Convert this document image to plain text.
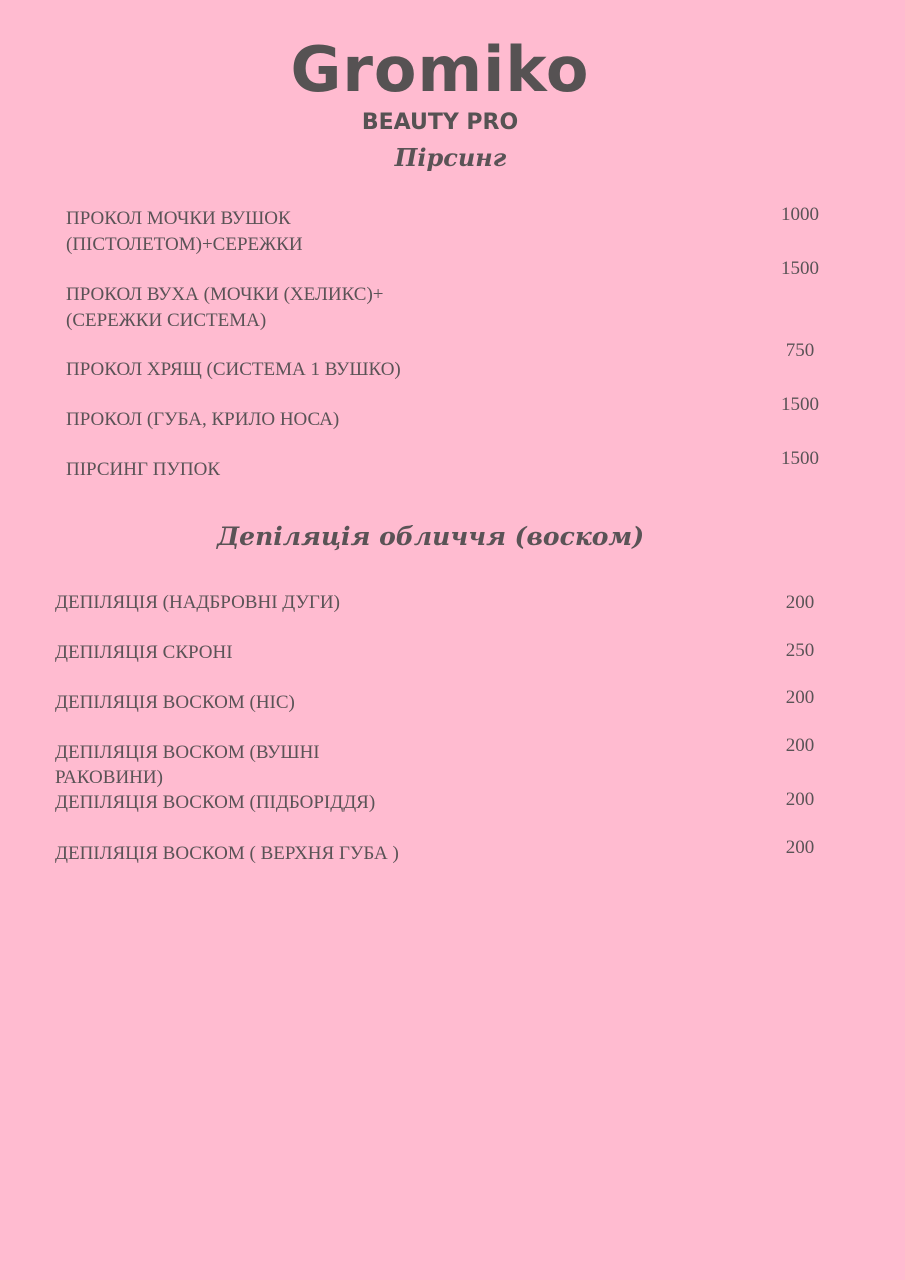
Gromiko
BEAUTY PRO
Пірсинг
ПРОКОЛ МОЧКИ ВУШОК
(ПІСТОЛЕТОМ)+СЕРЕЖКИ
1000
ПРОКОЛ ВУХА (МОЧКИ (ХЕЛИКС)+
(СЕРЕЖКИ СИСТЕМА)
1500
ПРОКОЛ ХРЯЩ (СИСТЕМА 1 ВУШКО)
750
ПРОКОЛ (ГУБА, КРИЛО НОСА)
1500
ПІРСИНГ ПУПОК
1500
Депіляція обличчя (воском)
ДЕПІЛЯЦІЯ (НАДБРОВНІ ДУГИ)	200
ДЕПІЛЯЦІЯ СКРОНІ	250
ДЕПІЛЯЦІЯ ВОСКОМ (НІС)	200
ДЕПІЛЯЦІЯ ВОСКОМ (ВУШНІ
РАКОВИНИ)
200
ДЕПІЛЯЦІЯ ВОСКОМ (ПІДБОРІДДЯ)	200
ДЕПІЛЯЦІЯ ВОСКОМ ( ВЕРХНЯ ГУБА )	200
